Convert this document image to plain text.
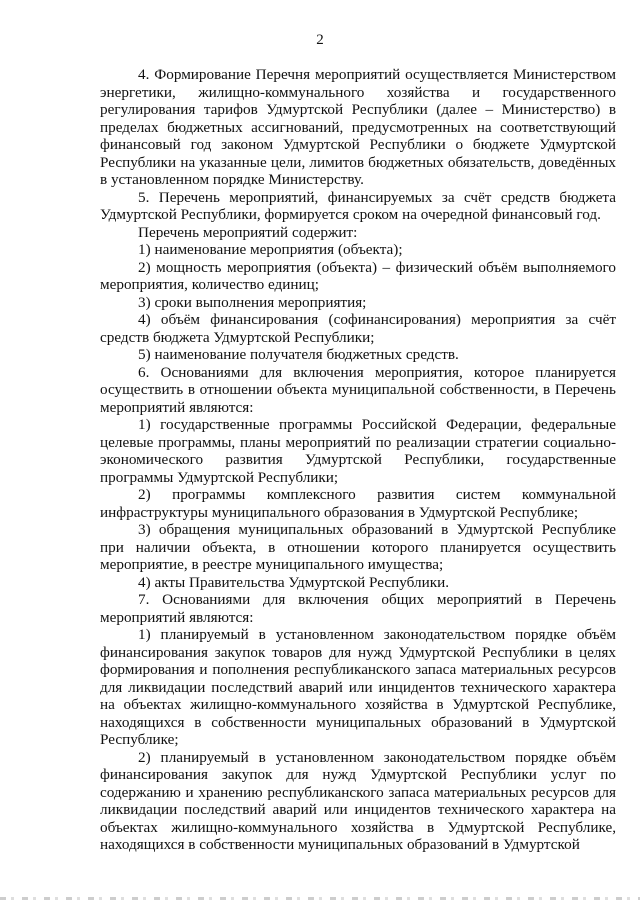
2

4. Формирование Перечня мероприятий осуществляется Министерством энергетики, жилищно-коммунального хозяйства и государственного регулирования тарифов Удмуртской Республики (далее – Министерство) в пределах бюджетных ассигнований, предусмотренных на соответствующий финансовый год законом Удмуртской Республики о бюджете Удмуртской Республики на указанные цели, лимитов бюджетных обязательств, доведённых в установленном порядке Министерству.

5. Перечень мероприятий, финансируемых за счёт средств бюджета Удмуртской Республики, формируется сроком на очередной финансовый год.

Перечень мероприятий содержит:

1) наименование мероприятия (объекта);

2) мощность мероприятия (объекта) – физический объём выполняемого мероприятия, количество единиц;

3) сроки выполнения мероприятия;

4) объём финансирования (софинансирования) мероприятия за счёт средств бюджета Удмуртской Республики;

5) наименование получателя бюджетных средств.

6. Основаниями для включения мероприятия, которое планируется осуществить в отношении объекта муниципальной собственности, в Перечень мероприятий являются:

1) государственные программы Российской Федерации, федеральные целевые программы, планы мероприятий по реализации стратегии социально-экономического развития Удмуртской Республики, государственные программы Удмуртской Республики;

2) программы комплексного развития систем коммунальной инфраструктуры муниципального образования в Удмуртской Республике;

3) обращения муниципальных образований в Удмуртской Республике при наличии объекта, в отношении которого планируется осуществить мероприятие, в реестре муниципального имущества;

4) акты Правительства Удмуртской Республики.

7. Основаниями для включения общих мероприятий в Перечень мероприятий являются:

1) планируемый в установленном законодательством порядке объём финансирования закупок товаров для нужд Удмуртской Республики в целях формирования и пополнения республиканского запаса материальных ресурсов для ликвидации последствий аварий или инцидентов технического характера на объектах жилищно-коммунального хозяйства в Удмуртской Республике, находящихся в собственности муниципальных образований в Удмуртской Республике;

2) планируемый в установленном законодательством порядке объём финансирования закупок для нужд Удмуртской Республики услуг по содержанию и хранению республиканского запаса материальных ресурсов для ликвидации последствий аварий или инцидентов технического характера на объектах жилищно-коммунального хозяйства в Удмуртской Республике, находящихся в собственности муниципальных образований в Удмуртской
